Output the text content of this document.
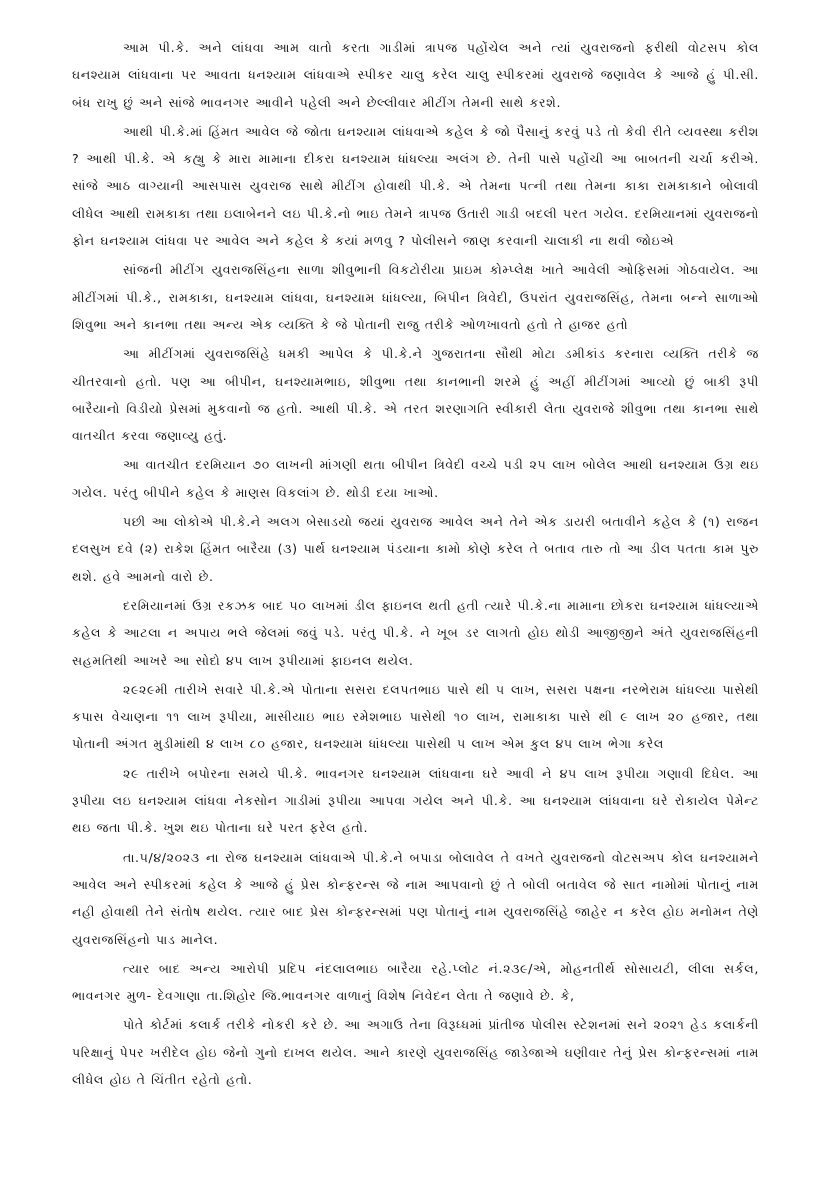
આમ પી.કે. અને લાંધવા આમ વાતો કરતા ગાડીમાં ત્રાપજ પહોંચેલ અને ત્યાં યુવરાજનો ફરીથી વોટસપ કોલ ઘનશ્યામ લાંધવાના પર આવતા ધનશ્યામ લાંધવાએ સ્પીકર ચાલુ કરેલ ચાલુ સ્પીકરમાં યુવરાજે જણાવેલ કે આજે હું પી.સી. બંધ રાખુ છું અને સાંજે ભાવનગર આવીને પહેલી અને છેલ્લીવાર મીટીંગ તેમની સાથે કરશે.

આથી પી.કે.માં હિંમત આવેલ જે જોતા ઘનશ્યામ લાંધવાએ કહેલ કે જો પૈસાનું કરવું પડે તો કેવી રીતે વ્યવસ્થા કરીશ ? આથી પી.કે. એ કહ્યુ કે મારા મામાના દીકરા ઘનશ્યામ ધાંધલ્યા અલંગ છે. તેની પાસે પહોંચી આ બાબતની ચર્ચા કરીએ. સાંજે આઠ વાગ્યાની આસપાસ યુવરાજ સાથે મીટીંગ હોવાથી પી.કે. એ તેમના પત્ની તથા તેમના કાકા રામકાકાને બોલાવી લીધેલ આથી રામકાકા તથા ઇલાબેનને લઇ પી.કે.નો ભાઇ તેમને ત્રાપજ ઉતારી ગાડી બદલી પરત ગયેલ. દરમિયાનમાં યુવરાજનો ફોન ઘનશ્યામ લાંધવા પર આવેલ અને કહેલ કે કયાં મળવુ ? પોલીસને જાણ કરવાની ચાલાકી ના થવી જોઇએ

સાંજની મીટીંગ યુવરાજસિંહના સાળા શીવુભાની વિકટોરીયા પ્રાઇમ કોમ્પ્લેક્ષ ખાતે આવેલી ઓફિસમાં ગોઠવાયેલ. આ મીટીંગમાં પી.કે., રામકાકા, ઘનશ્યામ લાંધવા, ઘનશ્યામ ધાંધલ્યા, બિપીન ત્રિવેદી, ઉપરાંત યુવરાજસિંહ, તેમના બન્ને સાળાઓ શિવુભા અને કાનભા તથા અન્ય એક વ્યક્તિ કે જે પોતાની રાજુ તરીકે ઓળખાવતો હતો તે હાજર હતો

આ મીટીંગમાં યુવરાજસિંહે ધમકી આપેલ કે પી.કે.ને ગુજરાતના સૌથી મોટા ડમીકાંડ કરનારા વ્યક્તિ તરીકે જ ચીતરવાનો હતો. પણ આ બીપીન, ઘનશ્યામભાઇ, શીવુભા તથા કાનભાની શરમે હું અહીં મીટીંગમાં આવ્યો છું બાકી રૂપી બારૈયાનો વિડીયો પ્રેસમાં મુકવાનો જ હતો. આથી પી.કે. એ તરત શરણાગતિ સ્વીકારી લેતા યુવરાજે શીવુભા તથા કાનભા સાથે વાતચીત કરવા જણાવ્યુ હતું.

આ વાતચીત દરમિયાન ૭૦ લાખની માંગણી થતા બીપીન ત્રિવેદી વચ્ચે પડી ૨૫ લાખ બોલેલ આથી ઘનશ્યામ ઉગ્ર થઇ ગયેલ. પરંતુ બીપીને કહેલ કે માણસ વિકલાંગ છે. થોડી દયા ખાઓ.

પછી આ લોકોએ પી.કે.ને અલગ બેસાડયો જયાં યુવરાજ આવેલ અને તેને એક ડાયરી બતાવીને કહેલ કે (૧) રાજન દલસુખ દવે (૨) રાકેશ હિંમત બારૈયા (૩) પાર્થ ઘનશ્યામ પંડયાના કામો કોણે કરેલ તે બતાવ તારુ તો આ ડીલ પતતા કામ પુરુ થશે. હવે આમનો વારો છે.

દરમિયાનમાં ઉગ્ર રકઝક બાદ ૫૦ લાખમાં ડીલ ફાઇનલ થતી હતી ત્યારે પી.કે.ના મામાના છોકરા ઘનશ્યામ ધાંધલ્યાએ કહેલ કે આટલા ન અપાય ભલે જેલમાં જવું પડે. પરંતુ પી.કે. ને ખૂબ ડર લાગતો હોઇ થોડી આજીજીને અંતે યુવરાજસિંહની સહમતિથી આખરે આ સોદો ૪૫ લાખ રૂપીયામાં ફાઇનલ થયેલ.

૨૯૨૯મી તારીખે સવારે પી.કે.એ પોતાના સસરા દલપતભાઇ પાસે થી ૫ લાખ, સસરા પક્ષના નરભેરામ ધાંધલ્યા પાસેથી કપાસ વેચાણના ૧૧ લાખ રૂપીયા, માસીયાઇ ભાઇ રમેશભાઇ પાસેથી ૧૦ લાખ, રામાકાકા પાસે થી ૯ લાખ ૨૦ હજાર, તથા પોતાની અંગત મુડીમાંથી ૪ લાખ ૮૦ હજાર, ઘનશ્યામ ધાંધલ્યા પાસેથી ૫ લાખ એમ કુલ ૪૫ લાખ ભેગા કરેલ

૨૯ તારીખે બપોરના સમયે પી.કે. ભાવનગર ઘનશ્યામ લાંધવાના ઘરે આવી ને ૪૫ લાખ રૂપીયા ગણાવી દિધેલ. આ રૂપીયા લઇ ઘનશ્યામ લાંધવા નેકસોન ગાડીમાં રૂપીયા આપવા ગયેલ અને પી.કે. આ ઘનશ્યામ લાંધવાના ઘરે રોકાયેલ પેમેન્ટ થઇ જતા પી.કે. ખુશ થઇ પોતાના ઘરે પરત ફરેલ હતો.

તા.૫/૪/૨૦૨૩ ના રોજ ઘનશ્યામ લાંધવાએ પી.કે.ને બપાડા બોલાવેલ તે વખતે યુવરાજનો વોટસઅપ કોલ ઘનશ્યામને આવેલ અને સ્પીકરમાં કહેલ કે આજે હું પ્રેસ કોન્ફરન્સ જે નામ આપવાનો છું તે બોલી બતાવેલ જે સાત નામોમાં પોતાનું નામ નહી હોવાથી તેને સંતોષ થયેલ. ત્યાર બાદ પ્રેસ કોન્ફરન્સમાં પણ પોતાનું નામ યુવરાજસિંહે જાહેર ન કરેલ હોઇ મનોમન તેણે યુવરાજસિંહનો પાડ માનેલ.

ત્યાર બાદ અન્ય આરોપી પ્રદિપ નંદલાલભાઇ બારૈયા રહે.પ્લોટ નં.૨૩૯/એ, મોહનતીર્થ સોસાયટી, લીલા સર્કલ, ભાવનગર મુળ- દેવગાણા તા.શિહોર જિ.ભાવનગર વાળાનું વિશેષ નિવેદન લેતા તે જણાવે છે. કે,

પોતે કોર્ટમાં કલાર્ક તરીકે નોકરી કરે છે. આ અગાઉ તેના વિરૂધ્ધમાં પ્રાંતીજ પોલીસ સ્ટેશનમાં સને ૨૦૨૧ હેડ કલાર્કની પરિક્ષાનું પેપર ખરીદેલ હોઇ જેનો ગુનો દાખલ થયેલ. આને કારણે યુવરાજસિંહ જાડેજાએ ઘણીવાર તેનું પ્રેસ કોન્ફરન્સમાં નામ લીધેલ હોઇ તે ચિંતીત રહેતો હતો.
